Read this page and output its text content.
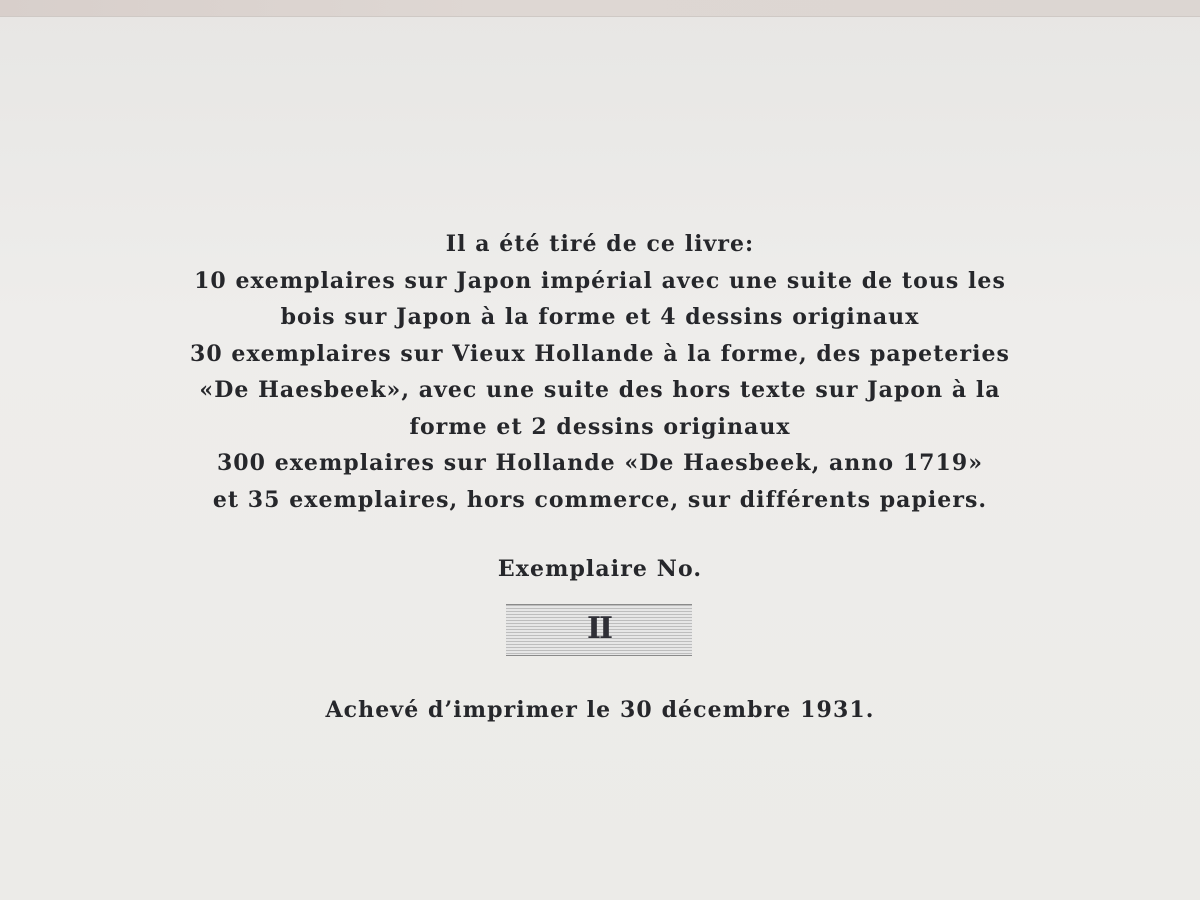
Il a été tiré de ce livre:
10 exemplaires sur Japon impérial avec une suite de tous les
bois sur Japon à la forme et 4 dessins originaux
30 exemplaires sur Vieux Hollande à la forme, des papeteries
«De Haesbeek», avec une suite des hors texte sur Japon à la
forme et 2 dessins originaux
300 exemplaires sur Hollande «De Haesbeek, anno 1719»
et 35 exemplaires, hors commerce, sur différents papiers.
Exemplaire No.
II
Achevé d’imprimer le 30 décembre 1931.
